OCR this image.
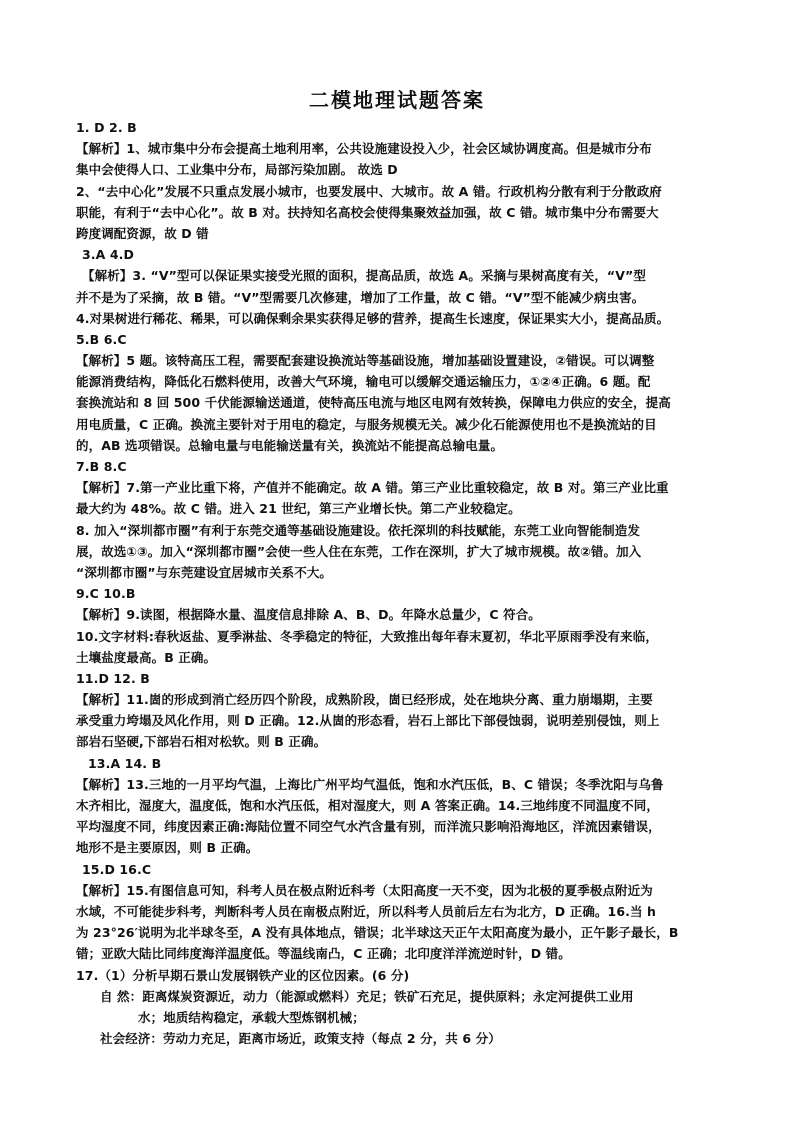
二模地理试题答案
1. D 2. B
【解析】1、城市集中分布会提高土地利用率，公共设施建设投入少，社会区域协调度高。但是城市分布
集中会使得人口、工业集中分布，局部污染加剧。 故选 D
2、“去中心化”发展不只重点发展小城市，也要发展中、大城市。故 A 错。行政机构分散有利于分散政府
职能，有利于“去中心化”。故 B 对。扶持知名高校会使得集聚效益加强，故 C 错。城市集中分布需要大
跨度调配资源，故 D 错
3.A 4.D
【解析】3. “V”型可以保证果实接受光照的面积，提高品质，故选 A。采摘与果树高度有关，“V”型
并不是为了采摘，故 B 错。“V”型需要几次修建，增加了工作量，故 C 错。“V”型不能减少病虫害。
4.对果树进行稀花、稀果，可以确保剩余果实获得足够的营养，提高生长速度，保证果实大小，提高品质。
5.B 6.C
【解析】5 题。该特高压工程，需要配套建设换流站等基础设施，增加基础设置建设，②错误。可以调整
能源消费结构，降低化石燃料使用，改善大气环境，输电可以缓解交通运输压力，①②④正确。6 题。配
套换流站和 8 回 500 千伏能源输送通道，使特高压电流与地区电网有效转换，保障电力供应的安全，提高
用电质量，C 正确。换流主要针对于用电的稳定，与服务规模无关。减少化石能源使用也不是换流站的目
的，AB 选项错误。总输电量与电能输送量有关，换流站不能提高总输电量。
7.B 8.C
【解析】7.第一产业比重下将，产值并不能确定。故 A 错。第三产业比重较稳定，故 B 对。第三产业比重
最大约为 48%。故 C 错。进入 21 世纪，第三产业增长快。第二产业较稳定。
8. 加入“深圳都市圈”有利于东莞交通等基础设施建设。依托深圳的科技赋能，东莞工业向智能制造发
展，故选①③。加入“深圳都市圈”会使一些人住在东莞，工作在深圳，扩大了城市规模。故②错。加入
“深圳都市圈”与东莞建设宜居城市关系不大。
9.C 10.B
【解析】9.读图，根据降水量、温度信息排除 A、B、D。年降水总量少，C 符合。
10.文字材料:春秋返盐、夏季淋盐、冬季稳定的特征，大致推出每年春末夏初，华北平原雨季没有来临，
土壤盐度最高。B 正确。
11.D 12. B
【解析】11.崮的形成到消亡经历四个阶段，成熟阶段，崮已经形成，处在地块分离、重力崩塌期，主要
承受重力垮塌及风化作用，则 D 正确。12.从崮的形态看，岩石上部比下部侵蚀弱，说明差别侵蚀，则上
部岩石坚硬,下部岩石相对松软。则 B 正确。
13.A 14. B
【解析】13.三地的一月平均气温，上海比广州平均气温低，饱和水汽压低，B、C 错误；冬季沈阳与乌鲁
木齐相比，湿度大，温度低，饱和水汽压低，相对湿度大，则 A 答案正确。14.三地纬度不同温度不同，
平均湿度不同，纬度因素正确:海陆位置不同空气水汽含量有别，而洋流只影响沿海地区，洋流因素错误，
地形不是主要原因，则 B 正确。
15.D 16.C
【解析】15.有图信息可知，科考人员在极点附近科考（太阳高度一天不变，因为北极的夏季极点附近为
水域，不可能徒步科考，判断科考人员在南极点附近，所以科考人员前后左右为北方，D 正确。16.当 h
为 23°26′说明为北半球冬至，A 没有具体地点，错误；北半球这天正午太阳高度为最小，正午影子最长，B
错；亚欧大陆比同纬度海洋温度低。等温线南凸，C 正确；北印度洋洋流逆时针，D 错。
17.（1）分析早期石景山发展钢铁产业的区位因素。(6 分)
自 然：距离煤炭资源近，动力（能源或燃料）充足；铁矿石充足，提供原料；永定河提供工业用
水；地质结构稳定，承载大型炼钢机械；
社会经济：劳动力充足，距离市场近，政策支持（每点 2 分，共 6 分）
